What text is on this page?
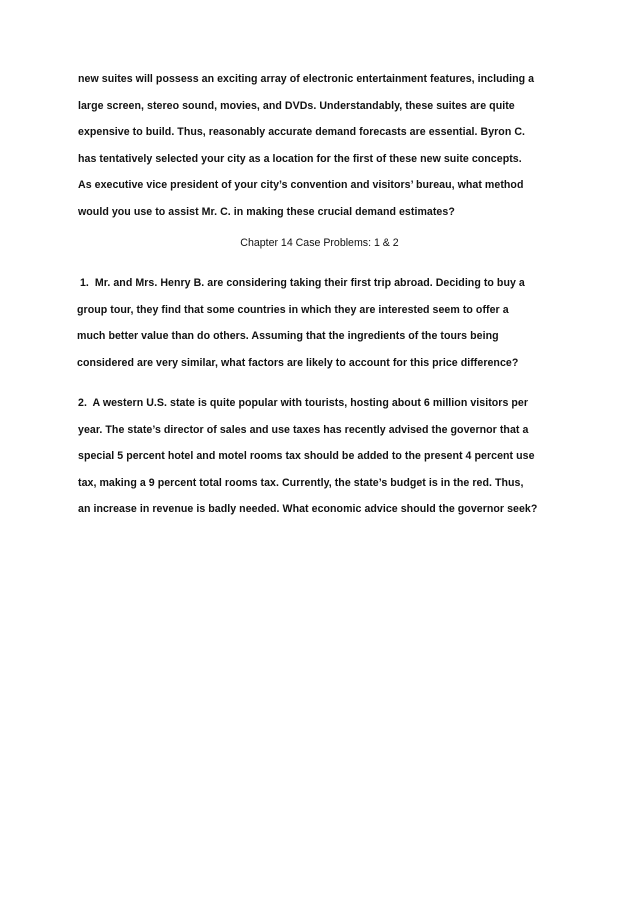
new suites will possess an exciting array of electronic entertainment features, including a
large screen, stereo sound, movies, and DVDs. Understandably, these suites are quite
expensive to build. Thus, reasonably accurate demand forecasts are essential. Byron C.
has tentatively selected your city as a location for the first of these new suite concepts.
As executive vice president of your city’s convention and visitors’ bureau, what method
would you use to assist Mr. C. in making these crucial demand estimates?
Chapter 14 Case Problems: 1 & 2
1.  Mr. and Mrs. Henry B. are considering taking their first trip abroad. Deciding to buy a
group tour, they find that some countries in which they are interested seem to offer a
much better value than do others. Assuming that the ingredients of the tours being
considered are very similar, what factors are likely to account for this price difference?
2.  A western U.S. state is quite popular with tourists, hosting about 6 million visitors per
year. The state’s director of sales and use taxes has recently advised the governor that a
special 5 percent hotel and motel rooms tax should be added to the present 4 percent use
tax, making a 9 percent total rooms tax. Currently, the state’s budget is in the red. Thus,
an increase in revenue is badly needed. What economic advice should the governor seek?
